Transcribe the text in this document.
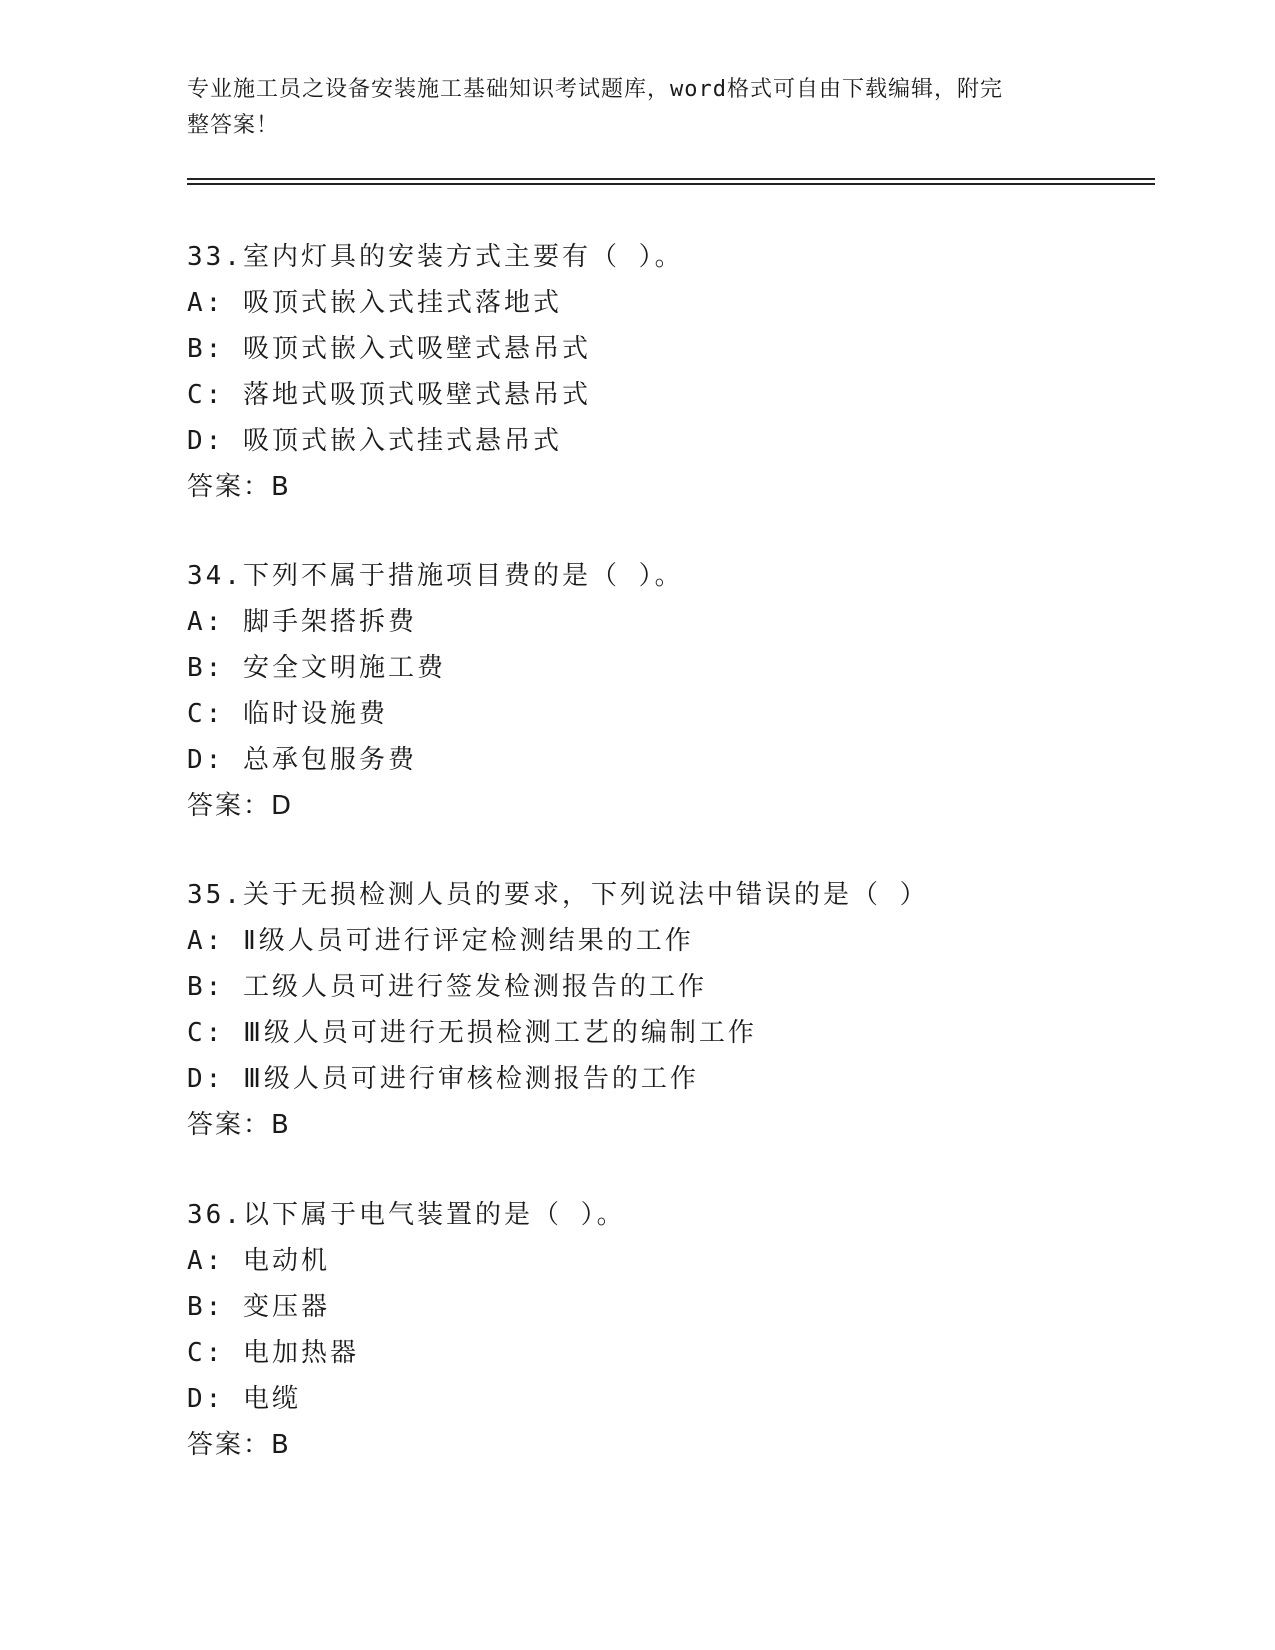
专业施工员之设备安装施工基础知识考试题库，word格式可自由下载编辑，附完
整答案！
33.室内灯具的安装方式主要有（ ）。
A: 吸顶式嵌入式挂式落地式
B: 吸顶式嵌入式吸壁式悬吊式
C: 落地式吸顶式吸壁式悬吊式
D: 吸顶式嵌入式挂式悬吊式
答案：B
34.下列不属于措施项目费的是（ ）。
A: 脚手架搭拆费
B: 安全文明施工费
C: 临时设施费
D: 总承包服务费
答案：D
35.关于无损检测人员的要求，下列说法中错误的是（ ）
A: Ⅱ级人员可进行评定检测结果的工作
B: 工级人员可进行签发检测报告的工作
C: Ⅲ级人员可进行无损检测工艺的编制工作
D: Ⅲ级人员可进行审核检测报告的工作
答案：B
36.以下属于电气装置的是（ ）。
A: 电动机
B: 变压器
C: 电加热器
D: 电缆
答案：B
